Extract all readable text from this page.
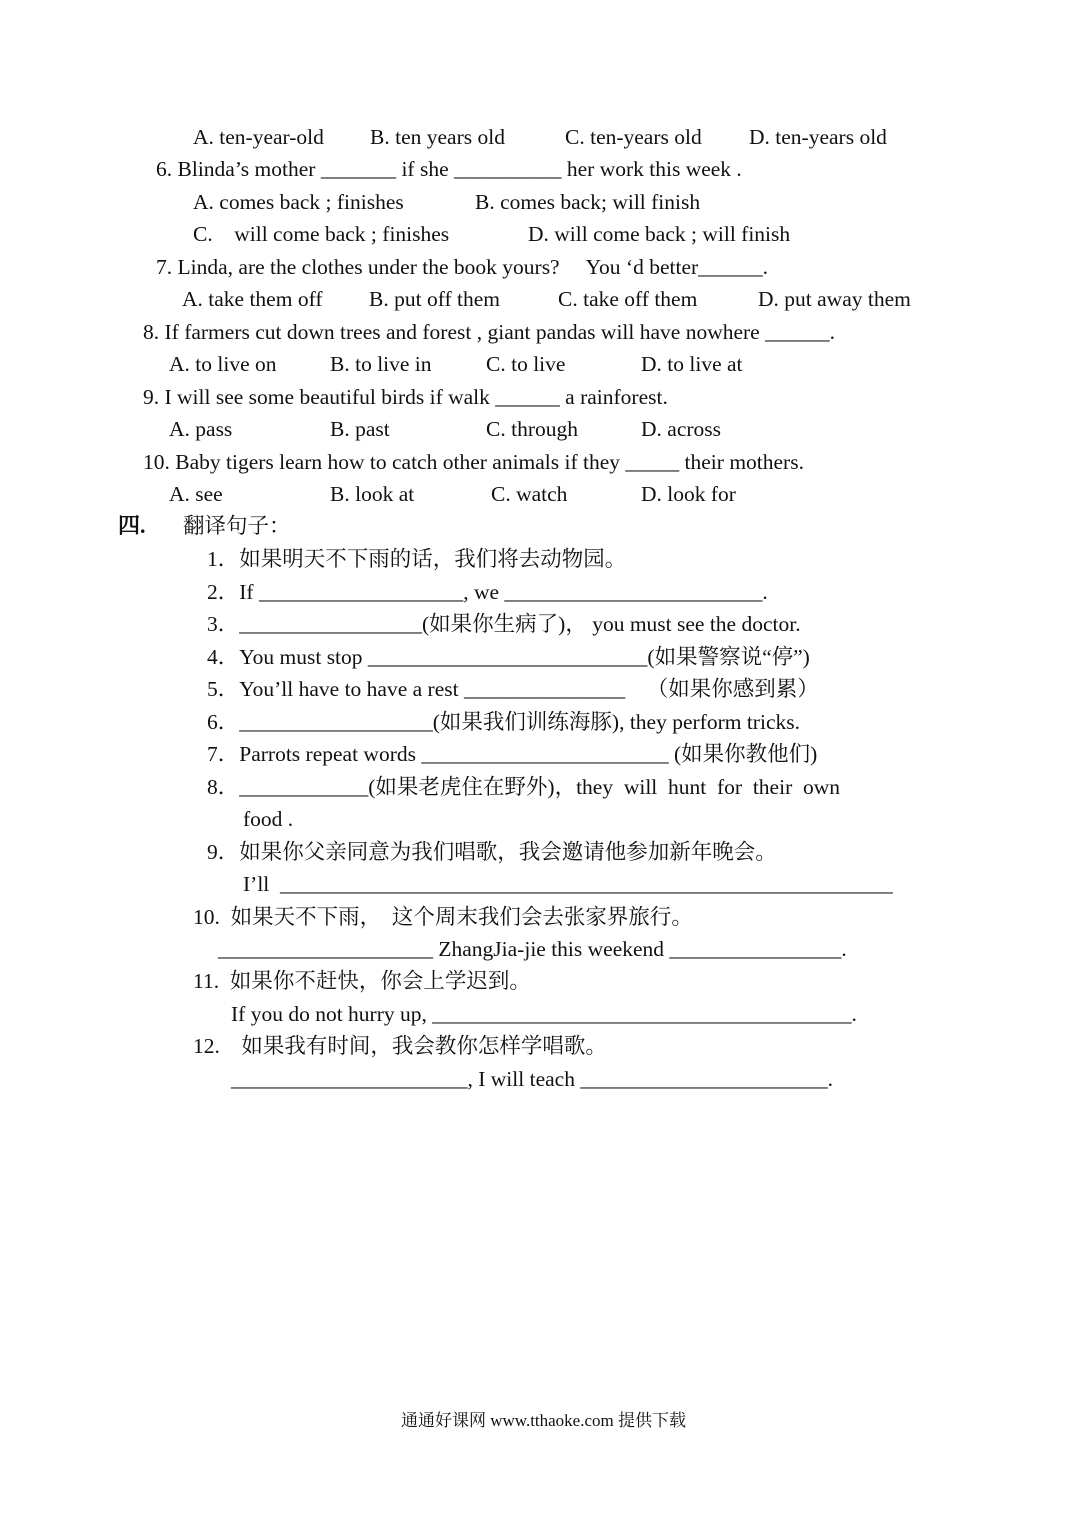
A. ten-year-old B. ten years old	C. ten-years old D. ten-years old
6. Blinda’s mother _______ if she __________ her work this week .
A. comes back ; finishes	B. comes back; will finish
C.    will come back ; finishes	D. will come back ; will finish
7. Linda, are the clothes under the book yours?     You ‘d better______.
A. take them off B. put off them	C. take off them	D. put away them
8. If farmers cut down trees and forest , giant pandas will have nowhere ______.
A. to live on B. to live in	C. to live	D. to live at
9. I will see some beautiful birds if walk ______ a rainforest.
A. pass	B. past	C. through	D. across
10. Baby tigers learn how to catch other animals if they _____ their mothers.
A. see	B. look at	C. watch	D. look for
四. 翻译句子：
1．如果明天不下雨的话，我们将去动物园。
2．If ___________________, we ________________________.
3．_________________(如果你生病了)， you must see the doctor.
4．You must stop __________________________(如果警察说“停”)
5．You’ll have to have a rest _______________    （如果你感到累）
6．__________________(如果我们训练海豚), they perform tricks.
7．Parrots repeat words _______________________ (如果你教他们)
8．____________(如果老虎住在野外)，they  will  hunt  for  their  own
food .
9．如果你父亲同意为我们唱歌，我会邀请他参加新年晚会。
I’ll  _________________________________________________________
10.  如果天不下雨，  这个周末我们会去张家界旅行。
____________________ ZhangJia-jie this weekend ________________.
11.  如果你不赶快，你会上学迟到。
If you do not hurry up, _______________________________________.
12.    如果我有时间，我会教你怎样学唱歌。
______________________, I will teach _______________________.
通通好课网 www.tthaoke.com 提供下载
